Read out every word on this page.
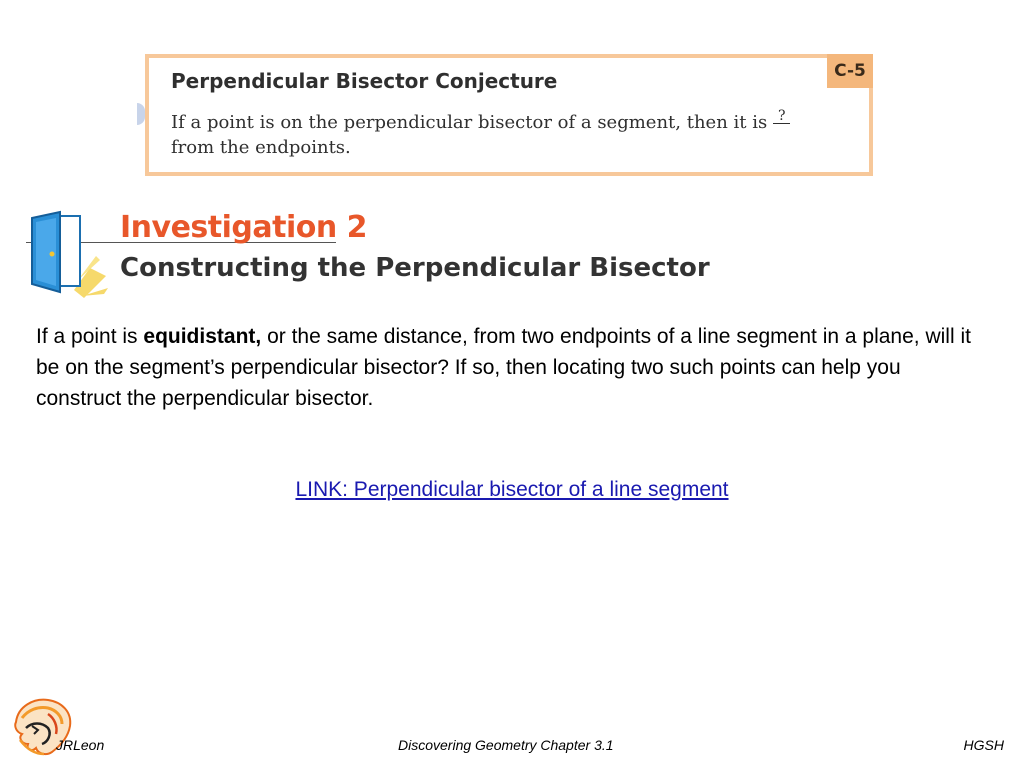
C-5
Perpendicular Bisector Conjecture
If a point is on the perpendicular bisector of a segment, then it is ? from the endpoints.
Investigation 2
Constructing the Perpendicular Bisector

If a point is equidistant, or the same distance, from two endpoints of a line segment in a plane, will it be on the segment’s perpendicular bisector? If so, then locating two such points can help you construct the perpendicular bisector.

LINK: Perpendicular bisector of a line segment
JRLeon	Discovering Geometry Chapter 3.1	HGSH
